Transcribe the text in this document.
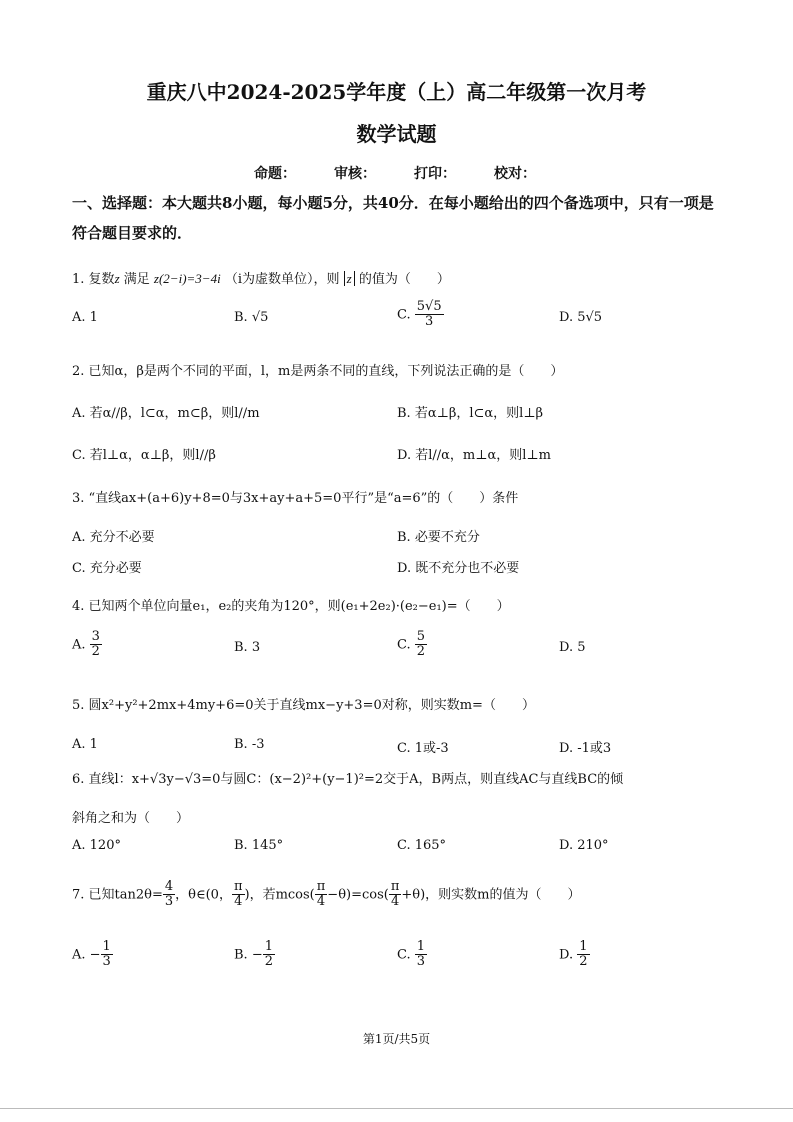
重庆八中2024-2025学年度（上）高二年级第一次月考
数学试题
命题：	审核：	打印：	校对：
一、选择题：本大题共8小题，每小题5分，共40分．在每小题给出的四个备选项中，只有一项是符合题目要求的．
1. 复数z 满足 z(2−i)=3−4i （i为虚数单位），则 z 的值为（　　）
A. 1	B. √5	C. $\frac{5√5}{3}$	D. 5√5
2. 已知α，β是两个不同的平面，l，m是两条不同的直线，下列说法正确的是（　　）
A. 若α//β，l⊂α，m⊂β，则l//m	B. 若α⊥β，l⊂α，则l⊥β
C. 若l⊥α，α⊥β，则l//β	D. 若l//α，m⊥α，则l⊥m
3. “直线ax+(a+6)y+8=0与3x+ay+a+5=0平行”是“a=6”的（　　）条件
A. 充分不必要	B. 必要不充分
C. 充分必要	D. 既不充分也不必要
4. 已知两个单位向量e₁，e₂的夹角为120°，则(e₁+2e₂)·(e₂−e₁)=（　　）
A. $\frac{3}{2}$	B. 3	C. $\frac{5}{2}$	D. 5
5. 圆x²+y²+2mx+4my+6=0关于直线mx−y+3=0对称，则实数m=（　　）
A. 1	B. -3	C. 1或-3	D. -1或3
6. 直线l：x+√3y−√3=0与圆C：(x−2)²+(y−1)²=2交于A，B两点，则直线AC与直线BC的倾
斜角之和为（　　）
A. 120°	B. 145°	C. 165°	D. 210°
7. 已知$\tan 2\theta= \frac{4}{3}$ ，θ∈(0， $\frac{\pi}{4}$ )，若$mcos( \frac{\pi}{4} -\theta)=\cos( \frac{\pi}{4} +\theta)$，则实数m的值为（　　）
A. − $\frac{1}{3}$	B. − $\frac{1}{2}$	C. $\frac{1}{3}$	D. $\frac{1}{2}$
第1页/共5页
